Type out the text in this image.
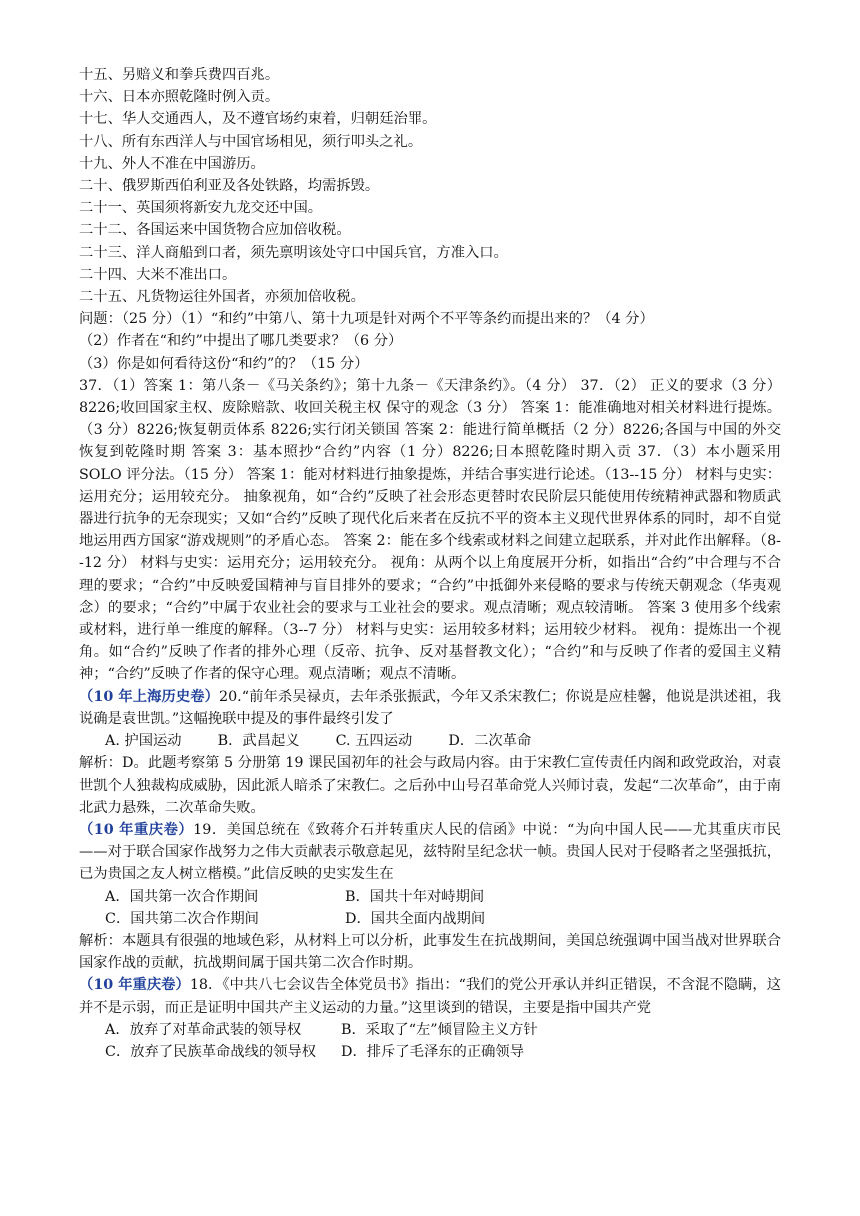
十五、另赔义和拳兵费四百兆。
十六、日本亦照乾隆时例入贡。
十七、华人交通西人，及不遵官场约束着，归朝廷治罪。
十八、所有东西洋人与中国官场相见，须行叩头之礼。
十九、外人不准在中国游历。
二十、俄罗斯西伯利亚及各处铁路，均需拆毁。
二十一、英国须将新安九龙交还中国。
二十二、各国运来中国货物合应加倍收税。
二十三、洋人商船到口者，须先禀明该处守口中国兵官，方准入口。
二十四、大米不准出口。
二十五、凡货物运往外国者，亦须加倍收税。
问题：（25 分）（1）“和约”中第八、第十九项是针对两个不平等条约而提出来的？（4 分）
（2）作者在“和约”中提出了哪几类要求？（6 分）
（3）你是如何看待这份“和约”的？（15 分）
37．（1）答案 1：第八条－《马关条约》；第十九条－《天津条约》。（4 分） 37．（2） 正义的要求（3 分） 8226;收回国家主权、废除赔款、收回关税主权 保守的观念（3 分） 答案 1：能准确地对相关材料进行提炼。（3 分）8226;恢复朝贡体系 8226;实行闭关锁国 答案 2：能进行简单概括（2 分）8226;各国与中国的外交恢复到乾隆时期 答案 3：基本照抄“合约”内容（1 分）8226;日本照乾隆时期入贡 37．（3）本小题采用 SOLO 评分法。（15 分） 答案 1：能对材料进行抽象提炼，并结合事实进行论述。（13--15 分） 材料与史实：运用充分；运用较充分。 抽象视角，如“合约”反映了社会形态更替时农民阶层只能使用传统精神武器和物质武器进行抗争的无奈现实；又如“合约”反映了现代化后来者在反抗不平的资本主义现代世界体系的同时，却不自觉地运用西方国家“游戏规则”的矛盾心态。 答案 2：能在多个线索或材料之间建立起联系，并对此作出解释。（8--12 分） 材料与史实：运用充分；运用较充分。 视角：从两个以上角度展开分析，如指出“合约”中合理与不合理的要求；“合约”中反映爱国精神与盲目排外的要求；“合约”中抵御外来侵略的要求与传统天朝观念（华夷观念）的要求；“合约”中属于农业社会的要求与工业社会的要求。观点清晰；观点较清晰。 答案 3 使用多个线索或材料，进行单一维度的解释。（3--7 分） 材料与史实：运用较多材料；运用较少材料。 视角：提炼出一个视角。如“合约”反映了作者的排外心理（反帝、抗争、反对基督教文化）；“合约”和与反映了作者的爱国主义精神；“合约”反映了作者的保守心理。观点清晰；观点不清晰。
（10 年上海历史卷）20.“前年杀吴禄贞，去年杀张振武，今年又杀宋教仁；你说是应桂馨，他说是洪述祖，我说确是袁世凯。”这幅挽联中提及的事件最终引发了
A. 护国运动	B．武昌起义	C. 五四运动	D．二次革命
解析：D。此题考察第 5 分册第 19 课民国初年的社会与政局内容。由于宋教仁宣传责任内阁和政党政治，对袁世凯个人独裁构成威胁，因此派人暗杀了宋教仁。之后孙中山号召革命党人兴师讨袁，发起“二次革命”，由于南北武力悬殊，二次革命失败。
（10 年重庆卷）19．美国总统在《致蒋介石并转重庆人民的信函》中说：“为向中国人民——尤其重庆市民——对于联合国家作战努力之伟大贡献表示敬意起见，兹特附呈纪念状一帧。贵国人民对于侵略者之坚强抵抗，已为贵国之友人树立楷模。”此信反映的史实发生在
A．国共第一次合作期间	B．国共十年对峙期间
C．国共第二次合作期间	D．国共全面内战期间
解析：本题具有很强的地域色彩，从材料上可以分析，此事发生在抗战期间，美国总统强调中国当战对世界联合国家作战的贡献，抗战期间属于国共第二次合作时期。
（10 年重庆卷）18．《中共八七会议告全体党员书》指出：“我们的党公开承认并纠正错误，不含混不隐瞒，这并不是示弱，而正是证明中国共产主义运动的力量。”这里谈到的错误，主要是指中国共产党
A．放弃了对革命武装的领导权	B．采取了“左”倾冒险主义方针
C．放弃了民族革命战线的领导权	D．排斥了毛泽东的正确领导
